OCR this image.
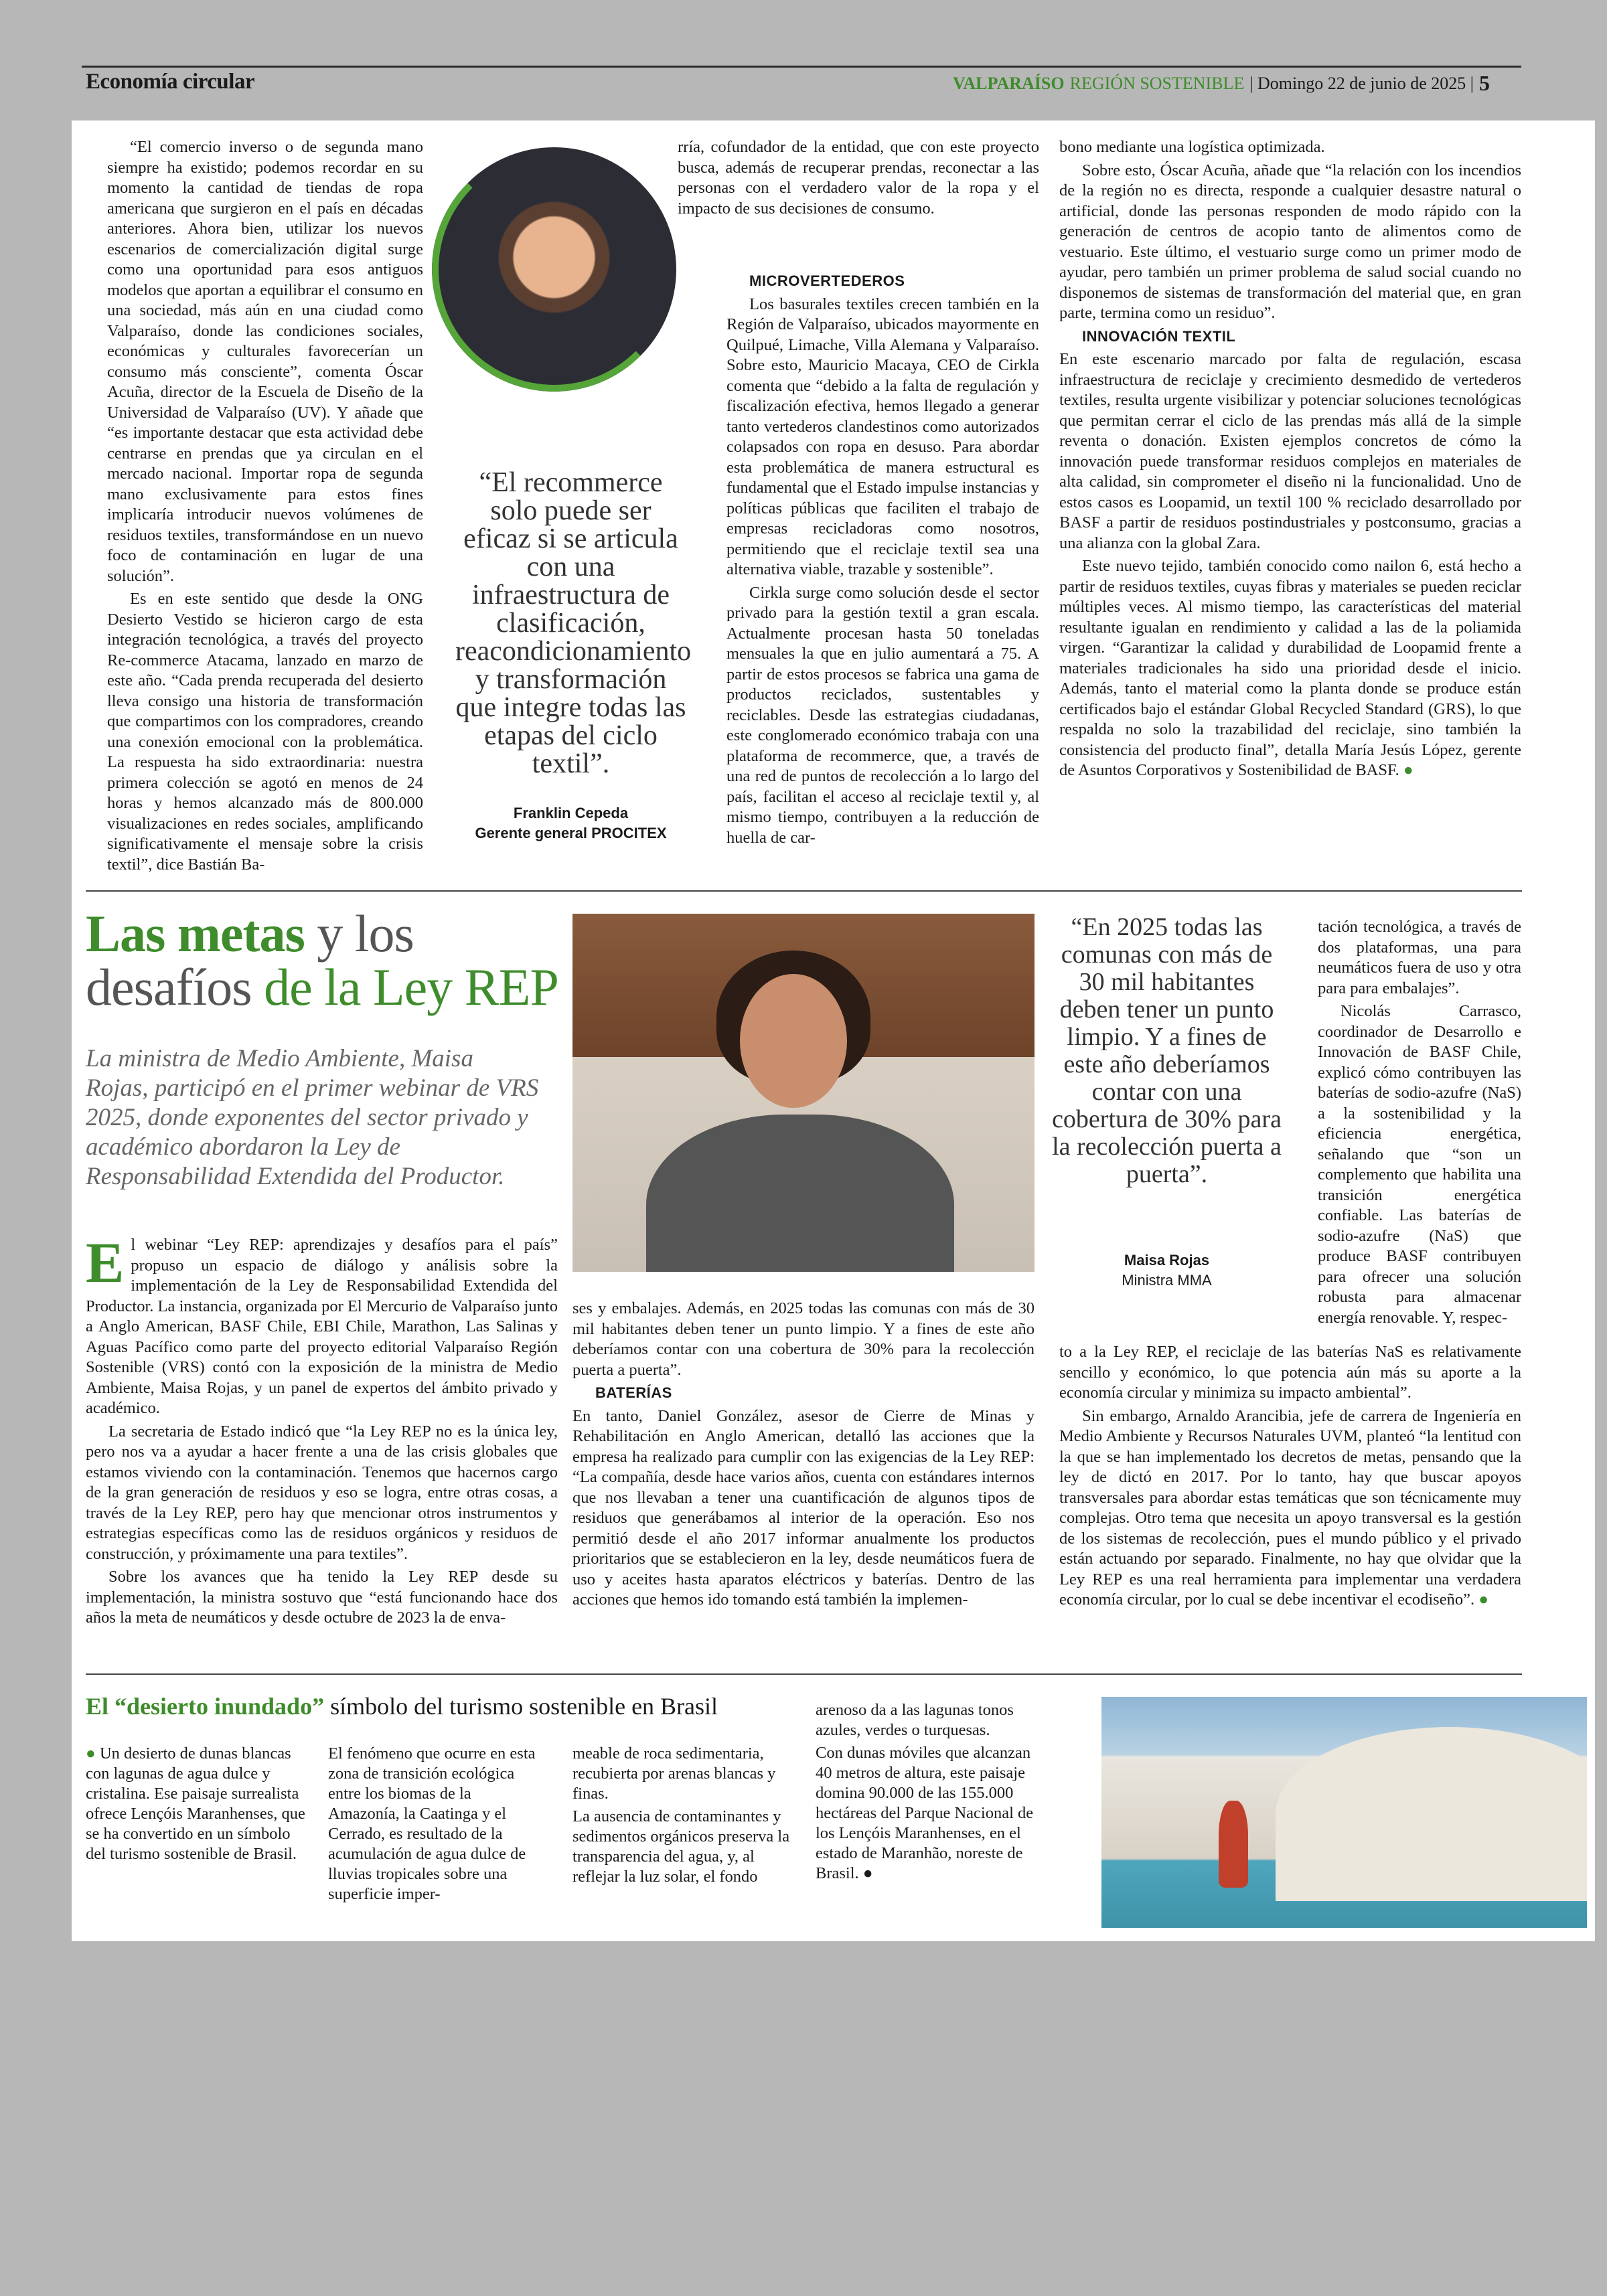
Economía circular	VALPARAÍSO REGIÓN SOSTENIBLE | Domingo 22 de junio de 2025 | 5

“El comercio inverso o de segunda mano siempre ha existido; podemos recordar en su momento la cantidad de tiendas de ropa americana que surgieron en el país en décadas anteriores. Ahora bien, utilizar los nuevos escenarios de comercialización digital surge como una oportunidad para esos antiguos modelos que aportan a equilibrar el consumo en una sociedad, más aún en una ciudad como Valparaíso, donde las condiciones sociales, económicas y culturales favorecerían un consumo más consciente”, comenta Óscar Acuña, director de la Escuela de Diseño de la Universidad de Valparaíso (UV). Y añade que “es importante destacar que esta actividad debe centrarse en prendas que ya circulan en el mercado nacional. Importar ropa de segunda mano exclusivamente para estos fines implicaría introducir nuevos volúmenes de residuos textiles, transformándose en un nuevo foco de contaminación en lugar de una solución”.

Es en este sentido que desde la ONG Desierto Vestido se hicieron cargo de esta integración tecnológica, a través del proyecto Re-commerce Atacama, lanzado en marzo de este año. “Cada prenda recuperada del desierto lleva consigo una historia de transformación que compartimos con los compradores, creando una conexión emocional con la problemática. La respuesta ha sido extraordinaria: nuestra primera colección se agotó en menos de 24 horas y hemos alcanzado más de 800.000 visualizaciones en redes sociales, amplificando significativamente el mensaje sobre la crisis textil”, dice Bastián Ba-

“El recommerce solo puede ser eficaz si se articula con una infraestructura de clasificación, reacondicionamiento y transformación que integre todas las etapas del ciclo textil”.
Franklin Cepeda
Gerente general PROCITEX

rría, cofundador de la entidad, que con este proyecto busca, además de recuperar prendas, reconectar a las personas con el verdadero valor de la ropa y el impacto de sus decisiones de consumo.

MICROVERTEDEROS

Los basurales textiles crecen también en la Región de Valparaíso, ubicados mayormente en Quilpué, Limache, Villa Alemana y Valparaíso. Sobre esto, Mauricio Macaya, CEO de Cirkla comenta que “debido a la falta de regulación y fiscalización efectiva, hemos llegado a generar tanto vertederos clandestinos como autorizados colapsados con ropa en desuso. Para abordar esta problemática de manera estructural es fundamental que el Estado impulse instancias y políticas públicas que faciliten el trabajo de empresas recicladoras como nosotros, permitiendo que el reciclaje textil sea una alternativa viable, trazable y sostenible”.

Cirkla surge como solución desde el sector privado para la gestión textil a gran escala. Actualmente procesan hasta 50 toneladas mensuales la que en julio aumentará a 75. A partir de estos procesos se fabrica una gama de productos reciclados, sustentables y reciclables. Desde las estrategias ciudadanas, este conglomerado económico trabaja con una plataforma de recommerce, que, a través de una red de puntos de recolección a lo largo del país, facilitan el acceso al reciclaje textil y, al mismo tiempo, contribuyen a la reducción de huella de car-

bono mediante una logística optimizada.

Sobre esto, Óscar Acuña, añade que “la relación con los incendios de la región no es directa, responde a cualquier desastre natural o artificial, donde las personas responden de modo rápido con la generación de centros de acopio tanto de alimentos como de vestuario. Este último, el vestuario surge como un primer modo de ayudar, pero también un primer problema de salud social cuando no disponemos de sistemas de transformación del material que, en gran parte, termina como un residuo”.

INNOVACIÓN TEXTIL

En este escenario marcado por falta de regulación, escasa infraestructura de reciclaje y crecimiento desmedido de vertederos textiles, resulta urgente visibilizar y potenciar soluciones tecnológicas que permitan cerrar el ciclo de las prendas más allá de la simple reventa o donación. Existen ejemplos concretos de cómo la innovación puede transformar residuos complejos en materiales de alta calidad, sin comprometer el diseño ni la funcionalidad. Uno de estos casos es Loopamid, un textil 100 % reciclado desarrollado por BASF a partir de residuos postindustriales y postconsumo, gracias a una alianza con la global Zara.

Este nuevo tejido, también conocido como nailon 6, está hecho a partir de residuos textiles, cuyas fibras y materiales se pueden reciclar múltiples veces. Al mismo tiempo, las características del material resultante igualan en rendimiento y calidad a las de la poliamida virgen. “Garantizar la calidad y durabilidad de Loopamid frente a materiales tradicionales ha sido una prioridad desde el inicio. Además, tanto el material como la planta donde se produce están certificados bajo el estándar Global Recycled Standard (GRS), lo que respalda no solo la trazabilidad del reciclaje, sino también la consistencia del producto final”, detalla María Jesús López, gerente de Asuntos Corporativos y Sostenibilidad de BASF. ●

Las metas y los desafíos de la Ley REP
La ministra de Medio Ambiente, Maisa Rojas, participó en el primer webinar de VRS 2025, donde exponentes del sector privado y académico abordaron la Ley de Responsabilidad Extendida del Productor.

El webinar “Ley REP: aprendizajes y desafíos para el país” propuso un espacio de diálogo y análisis sobre la implementación de la Ley de Responsabilidad Extendida del Productor. La instancia, organizada por El Mercurio de Valparaíso junto a Anglo American, BASF Chile, EBI Chile, Marathon, Las Salinas y Aguas Pacífico como parte del proyecto editorial Valparaíso Región Sostenible (VRS) contó con la exposición de la ministra de Medio Ambiente, Maisa Rojas, y un panel de expertos del ámbito privado y académico.

La secretaria de Estado indicó que “la Ley REP no es la única ley, pero nos va a ayudar a hacer frente a una de las crisis globales que estamos viviendo con la contaminación. Tenemos que hacernos cargo de la gran generación de residuos y eso se logra, entre otras cosas, a través de la Ley REP, pero hay que mencionar otros instrumentos y estrategias específicas como las de residuos orgánicos y residuos de construcción, y próximamente una para textiles”.

Sobre los avances que ha tenido la Ley REP desde su implementación, la ministra sostuvo que “está funcionando hace dos años la meta de neumáticos y desde octubre de 2023 la de enva-

ses y embalajes. Además, en 2025 todas las comunas con más de 30 mil habitantes deben tener un punto limpio. Y a fines de este año deberíamos contar con una cobertura de 30% para la recolección puerta a puerta”.

BATERÍAS

En tanto, Daniel González, asesor de Cierre de Minas y Rehabilitación en Anglo American, detalló las acciones que la empresa ha realizado para cumplir con las exigencias de la Ley REP: “La compañía, desde hace varios años, cuenta con estándares internos que nos llevaban a tener una cuantificación de algunos tipos de residuos que generábamos al interior de la operación. Eso nos permitió desde el año 2017 informar anualmente los productos prioritarios que se establecieron en la ley, desde neumáticos fuera de uso y aceites hasta aparatos eléctricos y baterías. Dentro de las acciones que hemos ido tomando está también la implemen-

“En 2025 todas las comunas con más de 30 mil habitantes deben tener un punto limpio. Y a fines de este año deberíamos contar con una cobertura de 30% para la recolección puerta a puerta”.
Maisa Rojas
Ministra MMA

tación tecnológica, a través de dos plataformas, una para neumáticos fuera de uso y otra para para embalajes”.

Nicolás Carrasco, coordinador de Desarrollo e Innovación de BASF Chile, explicó cómo contribuyen las baterías de sodio-azufre (NaS) a la sostenibilidad y la eficiencia energética, señalando que “son un complemento que habilita una transición energética confiable. Las baterías de sodio-azufre (NaS) que produce BASF contribuyen para ofrecer una solución robusta para almacenar energía renovable. Y, respec-

to a la Ley REP, el reciclaje de las baterías NaS es relativamente sencillo y económico, lo que potencia aún más su aporte a la economía circular y minimiza su impacto ambiental”.

Sin embargo, Arnaldo Arancibia, jefe de carrera de Ingeniería en Medio Ambiente y Recursos Naturales UVM, planteó “la lentitud con la que se han implementado los decretos de metas, pensando que la ley de dictó en 2017. Por lo tanto, hay que buscar apoyos transversales para abordar estas temáticas que son técnicamente muy complejas. Otro tema que necesita un apoyo transversal es la gestión de los sistemas de recolección, pues el mundo público y el privado están actuando por separado. Finalmente, no hay que olvidar que la Ley REP es una real herramienta para implementar una verdadera economía circular, por lo cual se debe incentivar el ecodiseño”. ●

El “desierto inundado” símbolo del turismo sostenible en Brasil

● Un desierto de dunas blancas con lagunas de agua dulce y cristalina. Ese paisaje surrealista ofrece Lençóis Maranhenses, que se ha convertido en un símbolo del turismo sostenible de Brasil.

El fenómeno que ocurre en esta zona de transición ecológica entre los biomas de la Amazonía, la Caatinga y el Cerrado, es resultado de la acumulación de agua dulce de lluvias tropicales sobre una superficie imper-

meable de roca sedimentaria, recubierta por arenas blancas y finas.

La ausencia de contaminantes y sedimentos orgánicos preserva la transparencia del agua, y, al reflejar la luz solar, el fondo

arenoso da a las lagunas tonos azules, verdes o turquesas.

Con dunas móviles que alcanzan 40 metros de altura, este paisaje domina 90.000 de las 155.000 hectáreas del Parque Nacional de los Lençóis Maranhenses, en el estado de Maranhão, noreste de Brasil. ●
